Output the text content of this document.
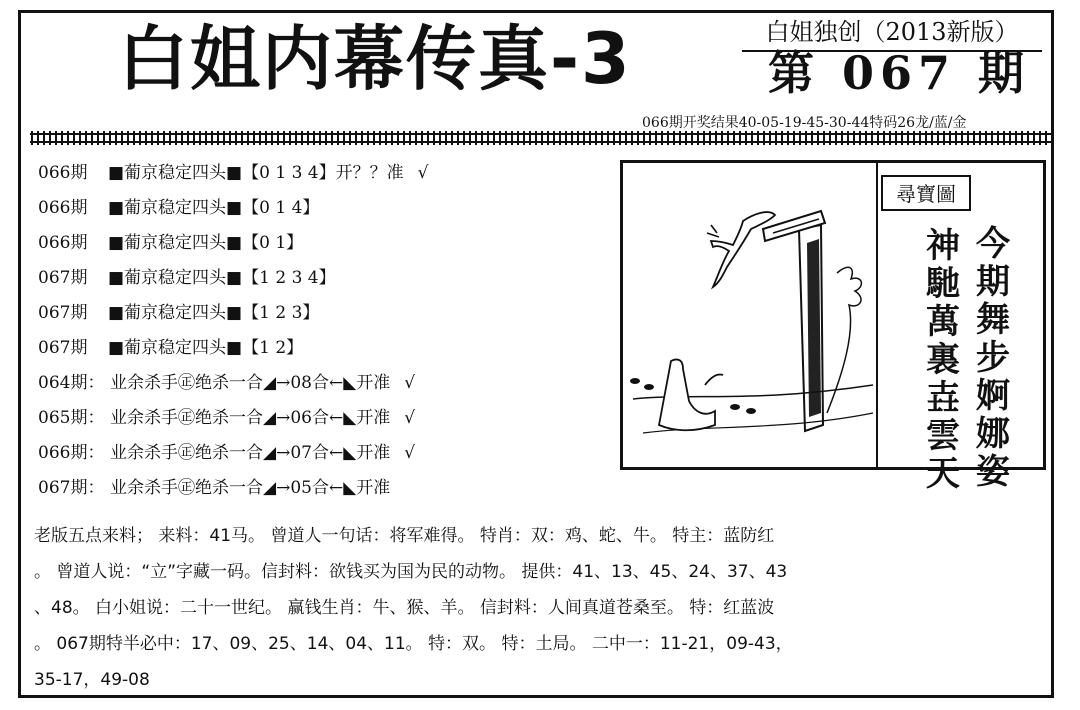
白姐内幕传真-3	白姐独创（2013新版）
第 067 期
066期开奖结果40-05-19-45-30-44特码26龙/蓝/金
066期 ■葡京稳定四头■【0 1 3 4】开？？准 √
066期 ■葡京稳定四头■【0 1 4】
066期 ■葡京稳定四头■【0 1】
067期 ■葡京稳定四头■【1 2 3 4】
067期 ■葡京稳定四头■【1 2 3】
067期 ■葡京稳定四头■【1 2】
064期： 业余杀手㊣绝杀一合◢→08合←◣开准 √
065期： 业余杀手㊣绝杀一合◢→06合←◣开准 √
066期： 业余杀手㊣绝杀一合◢→07合←◣开准 √
067期： 业余杀手㊣绝杀一合◢→05合←◣开准
尋寶圖
今
期
舞
步
婀
娜
姿
神
馳
萬
裏
壵
雲
天

老版五点来料； 来料：41马。 曾道人一句话：将军难得。 特肖：双：鸡、蛇、牛。 特主：蓝防红

。 曾道人说：“立”字藏一码。信封料：欲钱买为国为民的动物。 提供：41、13、45、24、37、43

、48。 白小姐说：二十一世纪。 赢钱生肖：牛、猴、羊。 信封料：人间真道苍桑至。 特：红蓝波

。 067期特半必中：17、09、25、14、04、11。 特：双。 特：土局。 二中一：11-21，09-43，

35-17，49-08
